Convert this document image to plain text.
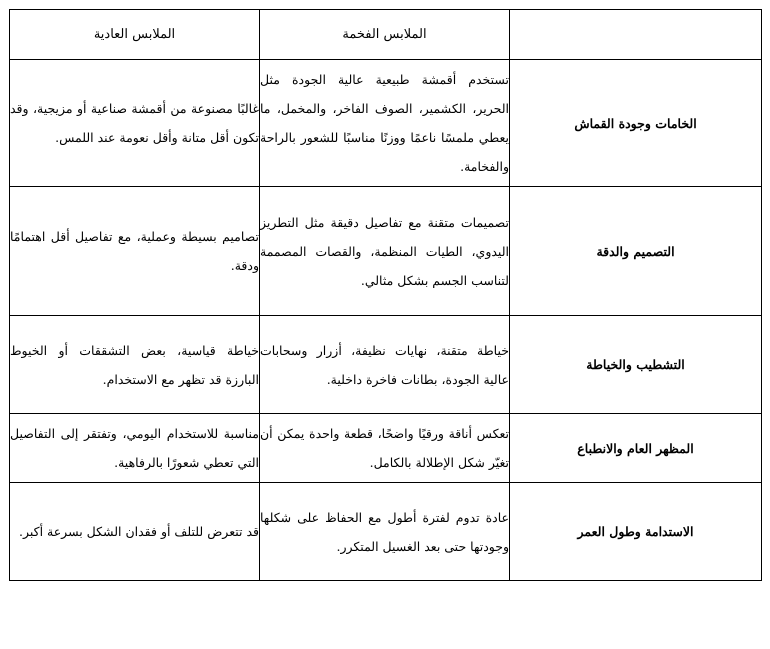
	الملابس الفخمة	الملابس العادية
الخامات وجودة القماش	تستخدم أقمشة طبيعية عالية الجودة مثل الحرير، الكشمير، الصوف الفاخر، والمخمل، ما يعطي ملمسًا ناعمًا ووزنًا مناسبًا للشعور بالراحة والفخامة.	غالبًا مصنوعة من أقمشة صناعية أو مزيجية، وقد تكون أقل متانة وأقل نعومة عند اللمس.
التصميم والدقة	تصميمات متقنة مع تفاصيل دقيقة مثل التطريز اليدوي، الطيات المنظمة، والقصات المصممة لتناسب الجسم بشكل مثالي.	تصاميم بسيطة وعملية، مع تفاصيل أقل اهتمامًا ودقة.
التشطيب والخياطة	خياطة متقنة، نهايات نظيفة، أزرار وسحابات عالية الجودة، بطانات فاخرة داخلية.	خياطة قياسية، بعض التشققات أو الخيوط البارزة قد تظهر مع الاستخدام.
المظهر العام والانطباع	تعكس أناقة ورقيًا واضحًا، قطعة واحدة يمكن أن تغيّر شكل الإطلالة بالكامل.	مناسبة للاستخدام اليومي، وتفتقر إلى التفاصيل التي تعطي شعورًا بالرفاهية.
الاستدامة وطول العمر	عادة تدوم لفترة أطول مع الحفاظ على شكلها وجودتها حتى بعد الغسيل المتكرر.	قد تتعرض للتلف أو فقدان الشكل بسرعة أكبر.
